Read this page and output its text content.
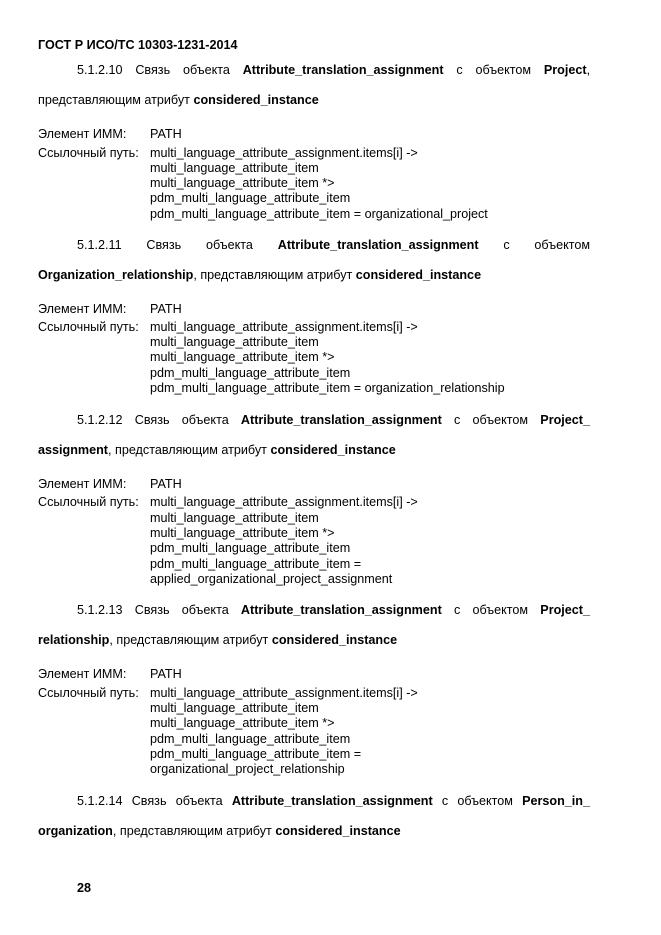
ГОСТ Р ИСО/ТС 10303-1231-2014
5.1.2.10 Связь объекта Attribute_translation_assignment с объектом Project,
представляющим атрибут considered_instance
Элемент ИММ: PATH
Ссылочный путь: multi_language_attribute_assignment.items[i] ->
multi_language_attribute_item
multi_language_attribute_item *>
pdm_multi_language_attribute_item
pdm_multi_language_attribute_item = organizational_project
5.1.2.11 Связь объекта Attribute_translation_assignment с объектом
Organization_relationship, представляющим атрибут considered_instance
Элемент ИММ: PATH
Ссылочный путь: multi_language_attribute_assignment.items[i] ->
multi_language_attribute_item
multi_language_attribute_item *>
pdm_multi_language_attribute_item
pdm_multi_language_attribute_item = organization_relationship
5.1.2.12 Связь объекта Attribute_translation_assignment с объектом Project_
assignment, представляющим атрибут considered_instance
Элемент ИММ: PATH
Ссылочный путь: multi_language_attribute_assignment.items[i] ->
multi_language_attribute_item
multi_language_attribute_item *>
pdm_multi_language_attribute_item
pdm_multi_language_attribute_item =
applied_organizational_project_assignment
5.1.2.13 Связь объекта Attribute_translation_assignment с объектом Project_
relationship, представляющим атрибут considered_instance
Элемент ИММ: PATH
Ссылочный путь: multi_language_attribute_assignment.items[i] ->
multi_language_attribute_item
multi_language_attribute_item *>
pdm_multi_language_attribute_item
pdm_multi_language_attribute_item =
organizational_project_relationship
5.1.2.14 Связь объекта Attribute_translation_assignment с объектом Person_in_
organization, представляющим атрибут considered_instance
28
